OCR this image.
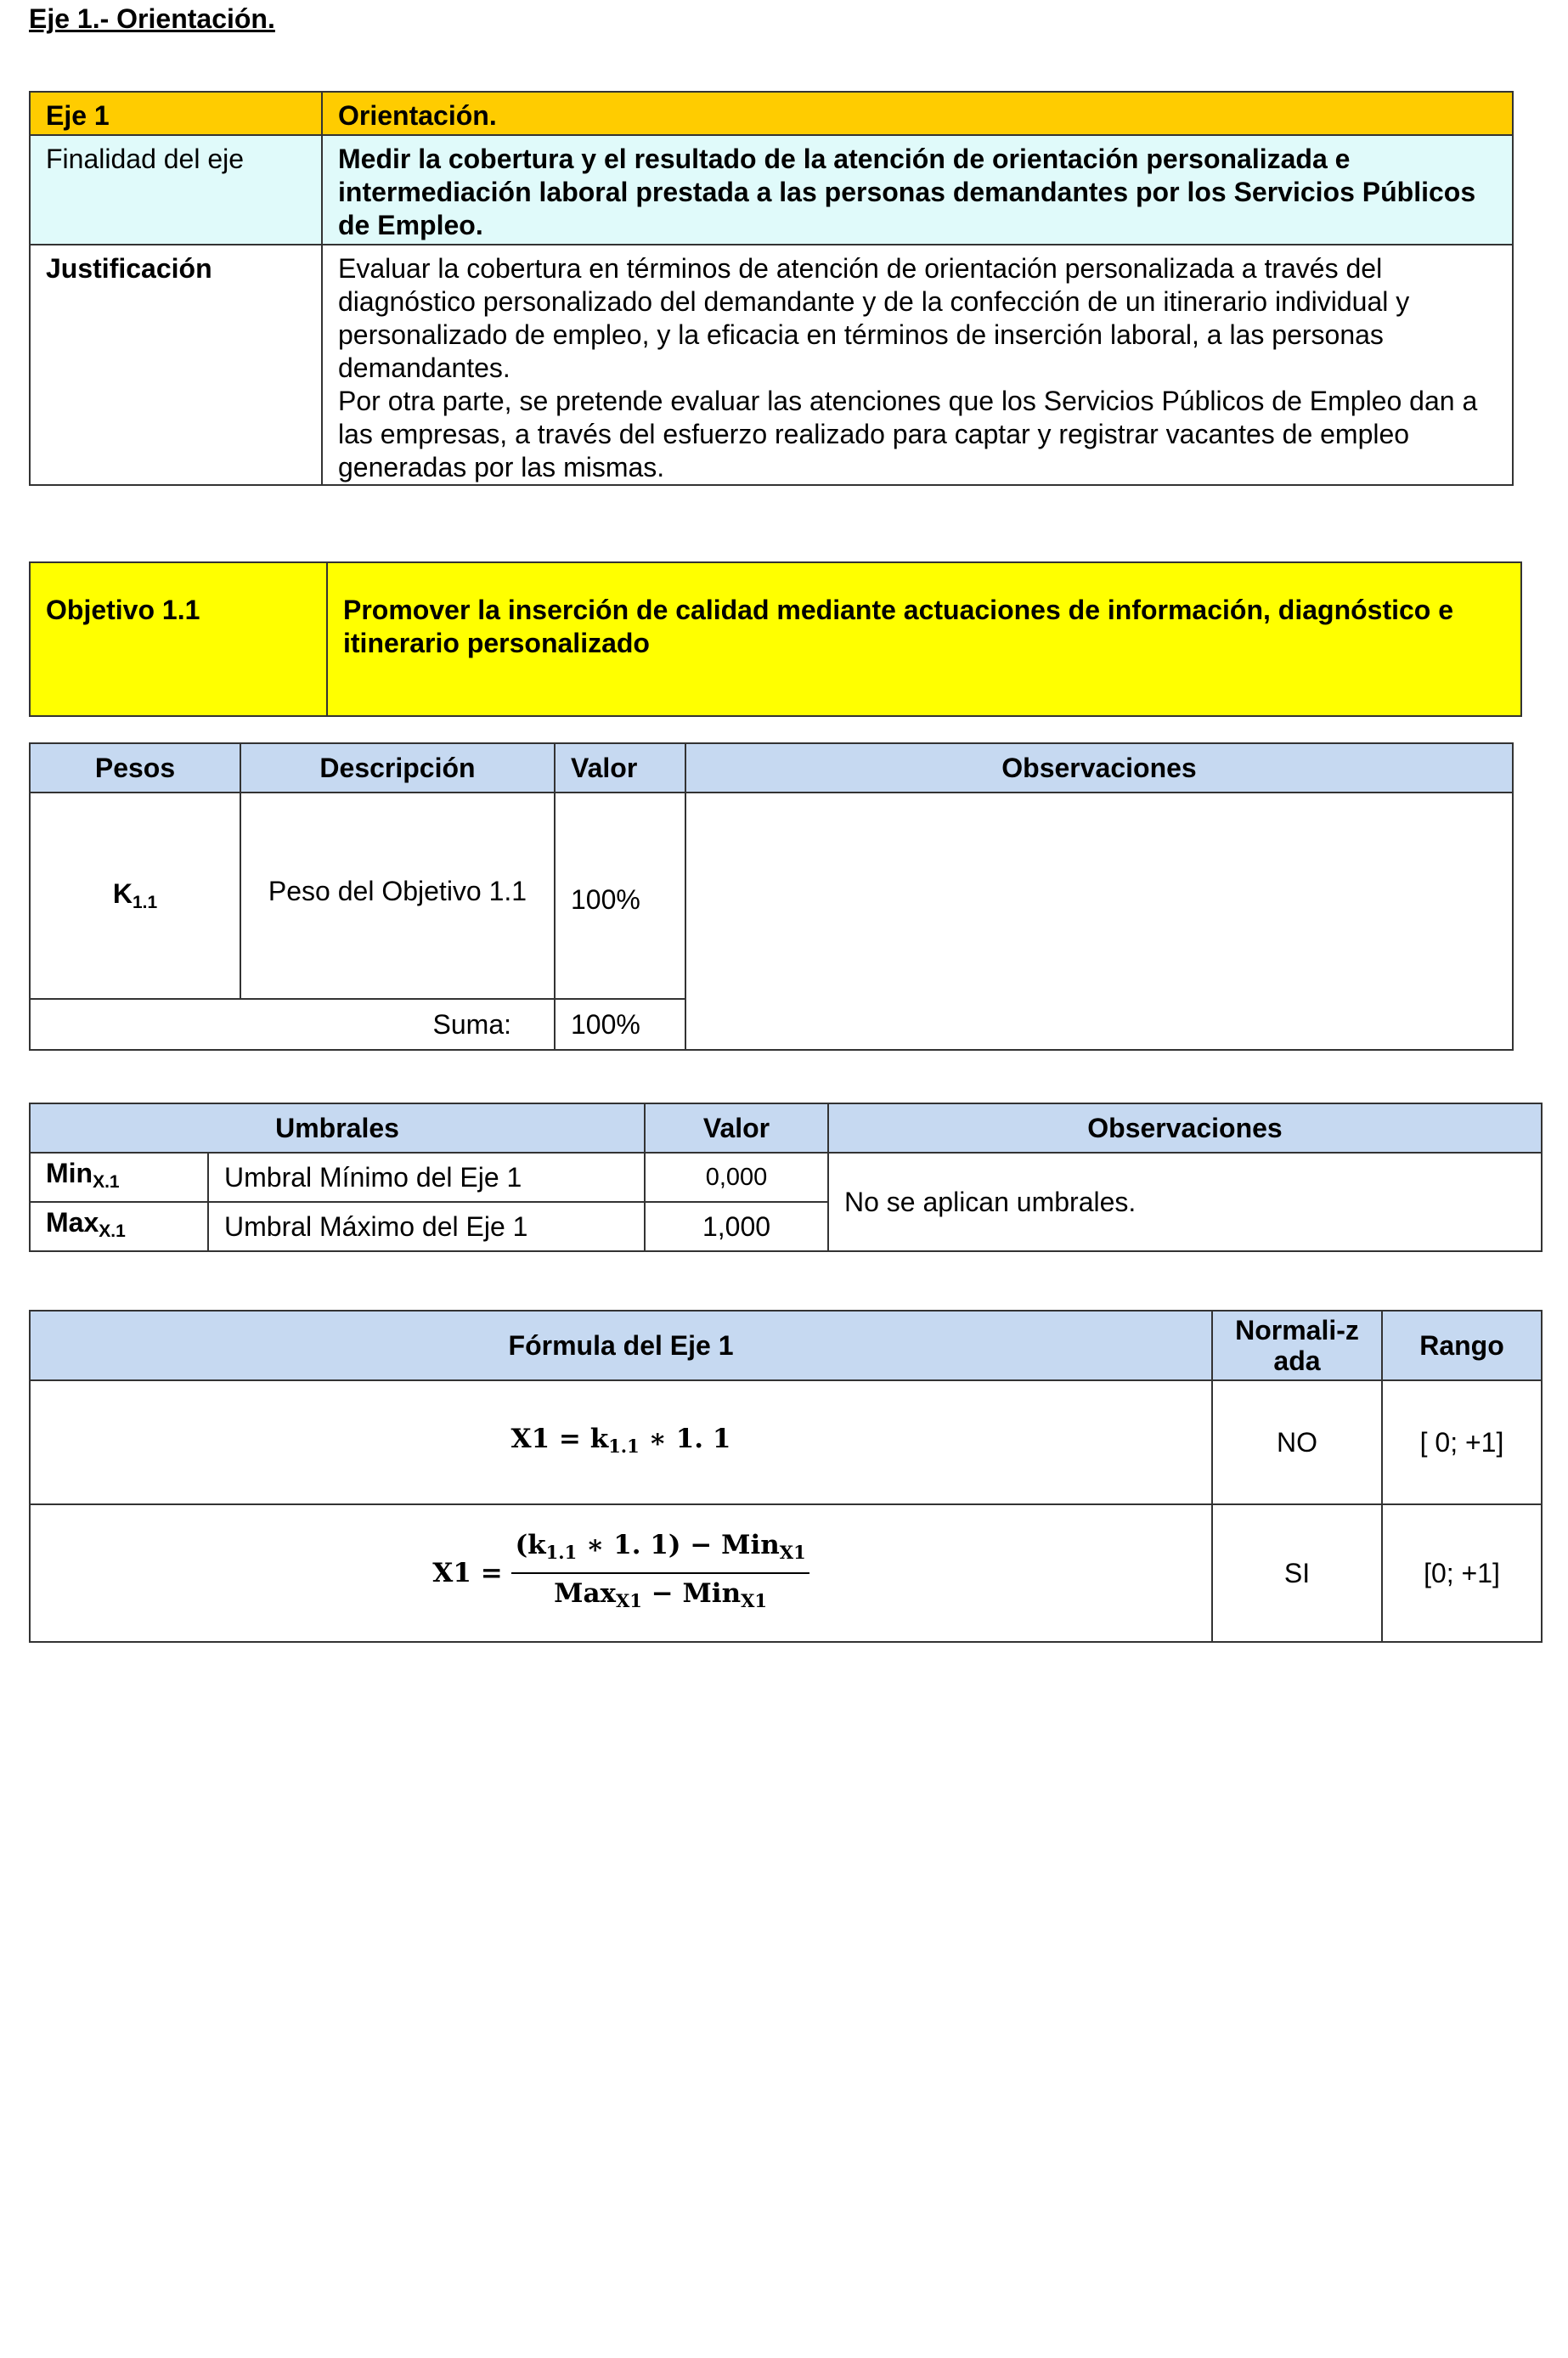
Eje 1.- Orientación.
Eje 1	Orientación.
Finalidad del eje	Medir la cobertura y el resultado de la atención de orientación personalizada e intermediación laboral prestada a las personas demandantes por los Servicios Públicos de Empleo.
Justificación	Evaluar la cobertura en términos de atención de orientación personalizada a través del diagnóstico personalizado del demandante y de la confección de un itinerario individual y personalizado de empleo, y la eficacia en términos de inserción laboral, a las personas demandantes.
Por otra parte, se pretende evaluar las atenciones que los Servicios Públicos de Empleo dan a las empresas, a través del esfuerzo realizado para captar y registrar vacantes de empleo generadas por las mismas.
Objetivo 1.1	Promover la inserción de calidad mediante actuaciones de información, diagnóstico e itinerario personalizado
Pesos	Descripción	Valor	Observaciones
$K_{1.1}$	Peso del Objetivo 1.1	100%	
Suma:		100%	
Umbrales		Valor	Observaciones
Min$_{X.1}$	Umbral Mínimo del Eje 1	0,000	No se aplican umbrales.
Max$_{X.1}$	Umbral Máximo del Eje 1	1,000	
Fórmula del Eje 1	Normali-zada	Rango
$X1 = k_{1.1}$ ∗ 1. 1	NO	[ 0; +1]
$X1 = \frac{(k_{1.1} ∗ 1. 1) - Min_{X1}}{Max_{X1} - Min_{X1}}$	SI	[0; +1]
